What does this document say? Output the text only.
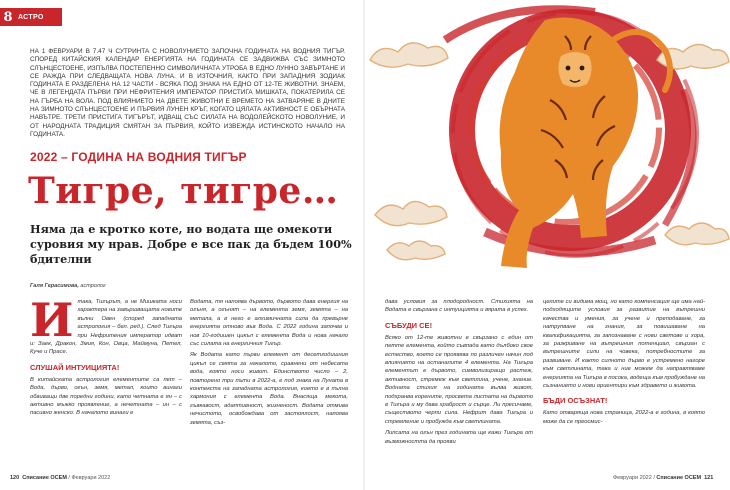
8 АСТРО
НА 1 ФЕВРУАРИ В 7.47 Ч СУТРИНТА С НОВОЛУНИЕТО ЗАПОЧНА ГОДИНАТА НА ВОДНИЯ ТИГЪР. СПОРЕД КИТАЙСКИЯ КАЛЕНДАР ЕНЕРГИЯТА НА ГОДИНАТА СЕ ЗАДВИЖВА СЪС ЗИМНОТО СЛЪНЦЕСТОЕНЕ, ИЗПЪЛВА ПОСТЕПЕННО СИМВОЛИЧНАТА УТРОБА В ЕДНО ЛУННО ЗАВЪРТАНЕ И СЕ РАЖДА ПРИ СЛЕДВАЩАТА НОВА ЛУНА. И В ИЗТОЧНИЯ, КАКТО ПРИ ЗАПАДНИЯ ЗОДИАК ГОДИНАТА Е РАЗДЕЛЕНА НА 12 ЧАСТИ - ВСЯКА ПОД ЗНАКА НА ЕДНО ОТ 12-ТЕ ЖИВОТНИ. ЗНАЕМ, ЧЕ В ЛЕГЕНДАТА ПЪРВИ ПРИ НЕФРИТЕНИЯ ИМПЕРАТОР ПРИСТИГА МИШКАТА, ПОКАТЕРИЛA СЕ НА ГЪРБА НА ВОЛА. ПОД ВЛИЯНИЕТО НА ДВЕТЕ ЖИВОТНИ Е ВРЕМЕТО НА ЗАТВАРЯНЕ В ДНИТЕ НА ЗИМНОТО СЛЪНЦЕСТОЕНЕ И ПЪРВИЯ ЛУНЕН КРЪГ, КОГАТО ЦЯЛАТА АКТИВНОСТ Е ОБЪРНАТА НАВЪТРЕ. ТРЕТИ ПРИСТИГА ТИГЪРЪТ, ИДВАЩ СЪС СИЛАТА НА ВОДОЛЕЙСКОТО НОВОЛУНИЕ, И ОТ НАРОДНАТА ТРАДИЦИЯ СМЯТАН ЗА ПЪРВИЯ, КОЙТО ИЗВЕЖДА ИСТИНСКОТО НАЧАЛО НА ГОДИНАТА.
2022 – ГОДИНА НА ВОДНИЯ ТИГЪР
Тигре, тигре…
Няма да е кротко коте, но водата ще омекоти суровия му нрав. Добре е все пак да бъдем 100% бдителни
Галя Герасимова, астролог

Итака, Тигърът, а не Мишката носи характера на завършващата новите вълни Овен (според западната астрология – бел. ред.). След Тигъра при Нефритения император идват и: Заек, Дракон, Змия, Кон, Овца, Маймуна, Петел, Куче и Прасе.

СЛУШАЙ ИНТУИЦИЯТА!

В китайската астрология елементите са пет – Вода, дърво, огън, земя, метал, които винаги обвиващи две поредни години, като четната е ян – с активно мъжко проявление, а нечетната – ин – с пасивно женско. В началото винаги е

Водата, тя напоява дървото, дървото дава енергия на огъня, а огънят – на елемента земя, земята – на метала, а в него е алхимичната сила да превърне енергията отново във Вода. С 2022 година започва и нов 10-годишен цикъл с елемента Вода и нова начало със силата на енергичния Тигър.

Як Водата като първи елемент от десетгодишния цикъл се смята за началото, сравнени от небесата вода, която носи живот. Единството число – 2, повторено три пъти в 2022-а, е под знака на Луната в контекста на западната астрология, което е в пълна хармония с елемента Вода. Внасяща мекота, гъвкавост, адаптивност, жизненост. Водата отмива нечистото, освобождава от застоялост, напоява земята, съз-

120 Списание ОСЕМ / Февруари 2022

дава условия за плодородност. Стихията на Водата е свързана с интуицията и вярата в успех.

СЪБУДИ СЕ!

Всяко от 12-те животни е свързано с един от петте елемента, който съвпада като дълбоко свое естество, което се проявява по различен начин под влиянието на останалите 4 елемента. На Тигъра елементът е дървото, символизиращо растеж, активност, стремеж към светлина, учене, знание. Водната стихия на годината вълва живот, подхранва корените, просвета листата на дървото в Тигъра и му дава храброст и сърце. Ли пресичаме, съществото черпи сила. Нефрит дава Тигъра и стремление и пробужда към светлината.

Липсата на огън през годината ще кажи Тигъра от възможността да прояви

целите си видима мощ, но като компенсация ще има най-подходящите условия за развитие на вътрешни качества и умения, за учене и преподаване, за натрупване на знания, за повишаване на квалификацията, за запознаване с нови светове и хора, за разкриване на вътрешния потенциал, свързан с вътрешните сили на човека, потребностите за развиване. И както силното дърво е устремено нагоре към светлината, така и ние можем да направляваме енергията на Тигъра в посока, водеща към пробуждане на съзнанието и нови ориентири към здравето и живота.

БЪДИ ОСЪЗНАТ!

Като отваряща нова страница, 2022-а е година, в която може да се преосмис-

Февруари 2022 / Списание ОСЕМ 121
